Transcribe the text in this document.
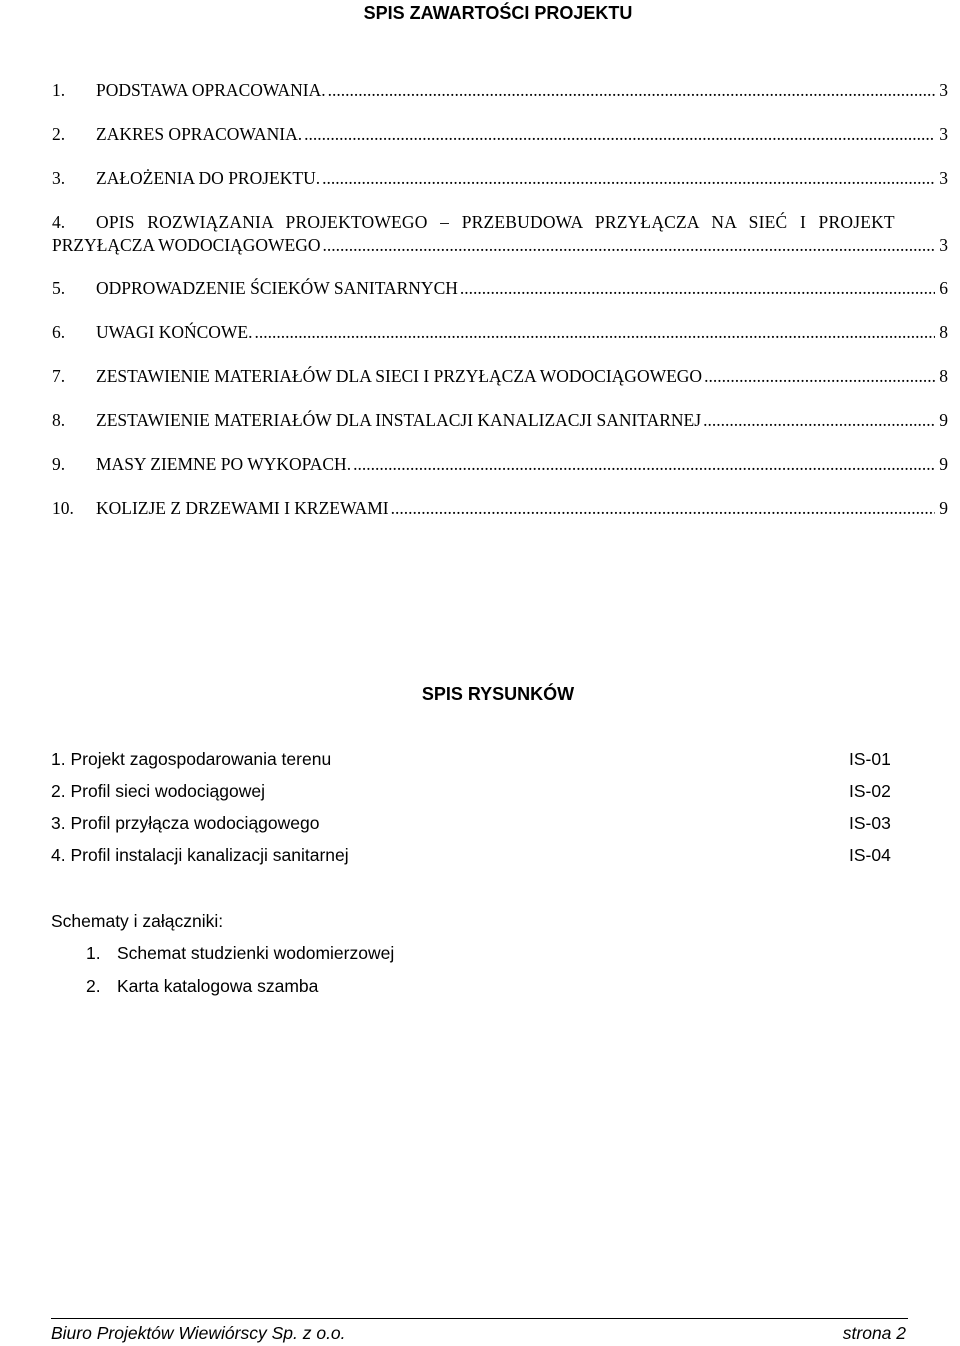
SPIS ZAWARTOŚCI PROJEKTU
1. PODSTAWA OPRACOWANIA. .....	3
2. ZAKRES OPRACOWANIA. .....	3
3. ZAŁOŻENIA DO PROJEKTU. .....	3
4. OPIS ROZWIĄZANIA PROJEKTOWEGO – PRZEBUDOWA PRZYŁĄCZA NA SIEĆ I PROJEKT
PRZYŁĄCZA WODOCIĄGOWEGO .....	3
5. ODPROWADZENIE ŚCIEKÓW SANITARNYCH .....	6
6. UWAGI KOŃCOWE. .....	8
7. ZESTAWIENIE MATERIAŁÓW DLA SIECI I PRZYŁĄCZA WODOCIĄGOWEGO .....	8
8. ZESTAWIENIE MATERIAŁÓW DLA INSTALACJI KANALIZACJI SANITARNEJ .....	9
9. MASY ZIEMNE PO WYKOPACH. .....	9
10. KOLIZJE Z DRZEWAMI I KRZEWAMI .....	9
SPIS RYSUNKÓW
1. Projekt zagospodarowania terenu	IS-01
2. Profil sieci wodociągowej	IS-02
3. Profil przyłącza wodociągowego	IS-03
4. Profil instalacji kanalizacji sanitarnej	IS-04
Schematy i załączniki:
1. Schemat studzienki wodomierzowej
2. Karta katalogowa szamba
Biuro Projektów Wiewiórscy Sp. z o.o.	strona 2
